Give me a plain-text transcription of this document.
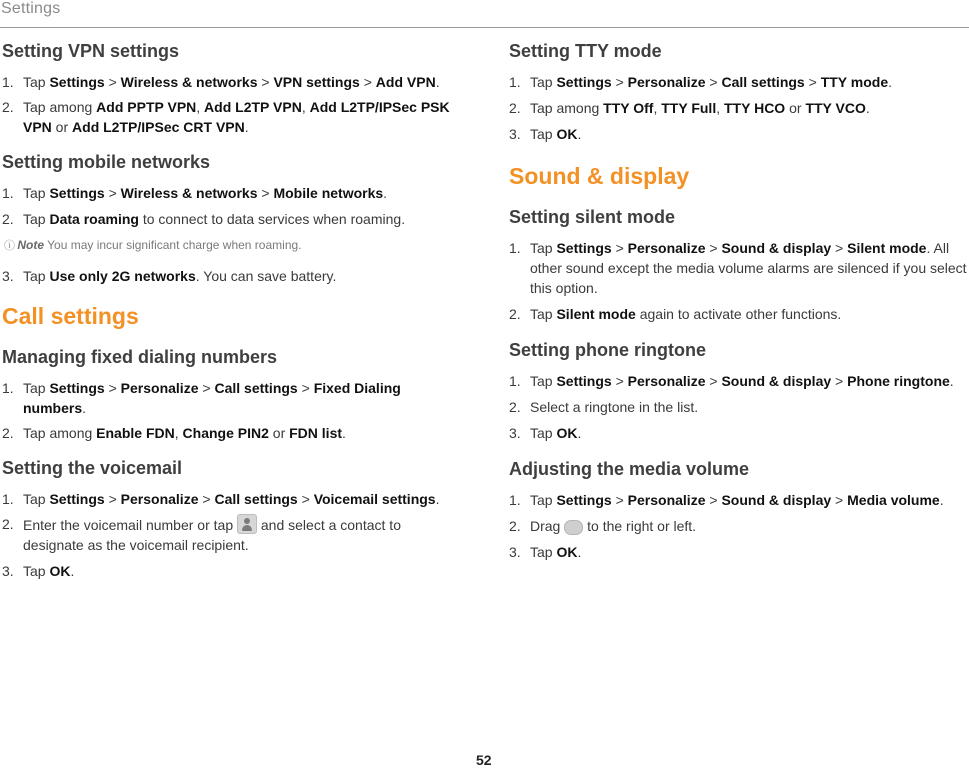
Settings
Setting VPN settings
1. Tap Settings > Wireless & networks > VPN settings > Add VPN.
2. Tap among Add PPTP VPN, Add L2TP VPN, Add L2TP/IPSec PSK VPN or Add L2TP/IPSec CRT VPN.
Setting mobile networks
1. Tap Settings > Wireless & networks > Mobile networks.
2. Tap Data roaming to connect to data services when roaming.
ⓘ Note You may incur significant charge when roaming.
3. Tap Use only 2G networks. You can save battery.
Call settings
Managing fixed dialing numbers
1. Tap Settings > Personalize > Call settings > Fixed Dialing numbers.
2. Tap among Enable FDN, Change PIN2 or FDN list.
Setting the voicemail
1. Tap Settings > Personalize > Call settings > Voicemail settings.
2. Enter the voicemail number or tap  and select a contact to designate as the voicemail recipient.
3. Tap OK.
Setting TTY mode
1. Tap Settings > Personalize > Call settings > TTY mode.
2. Tap among TTY Off, TTY Full, TTY HCO or TTY VCO.
3. Tap OK.
Sound & display
Setting silent mode
1. Tap Settings > Personalize > Sound & display > Silent mode. All other sound except the media volume alarms are silenced if you select this option.
2. Tap Silent mode again to activate other functions.
Setting phone ringtone
1. Tap Settings > Personalize > Sound & display > Phone ringtone.
2. Select a ringtone in the list.
3. Tap OK.
Adjusting the media volume
1. Tap Settings > Personalize > Sound & display > Media volume.
2. Drag  to the right or left.
3. Tap OK.
52
